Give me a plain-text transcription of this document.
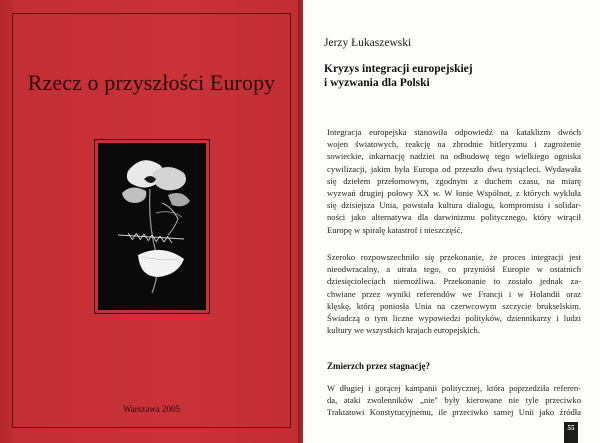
Rzecz o przyszłości Europy
Warszawa 2005
Jerzy Łukaszewski
Kryzys integracji europejskiej
i wyzwania dla Polski
Integracja europejska stanowiła odpowiedź na kataklizm dwóch
wojen światowych, reakcję na zbrodnie hitleryzmu i zagrożenie
sowieckie, inkarnację nadziei na odbudowę tego wielkiego ogniska
cywilizacji, jakim była Europa od przeszło dwu tysiącleci. Wydawała
się dziełem przełomowym, zgodnym z duchem czasu, na miarę
wyzwań drugiej połowy XX w. W łonie Wspólnot, z których wykluła
się dzisiejsza Unia, powstała kultura dialogu, kompromisu i solidar-
ności jako alternatywa dla darwinizmu politycznego, który wtrącił
Europę w spiralę katastrof i nieszczęść.
Szeroko rozpowszechniło się przekonanie, że proces integracji jest
nieodwracalny, a utrata tego, co przyniósł Europie w ostatnich
dziesięcioleciach niemożliwa. Przekonanie to zostało jednak za-
chwiane przez wyniki referendów we Francji i w Holandii oraz
klęskę, którą poniosła Unia na czerwcowym szczycie brukselskim.
Świadczą o tym liczne wypowiedzi polityków, dziennikarzy i ludzi
kultury we wszystkich krajach europejskich.
Zmierzch przez stagnację?
W długiej i gorącej kampanii politycznej, która poprzedziła referen-
da, ataki zwolenników „nie" były kierowane nie tyle przeciwko
Traktatowi Konstytucyjnemu, ile przeciwko samej Unii jako źródła
55
